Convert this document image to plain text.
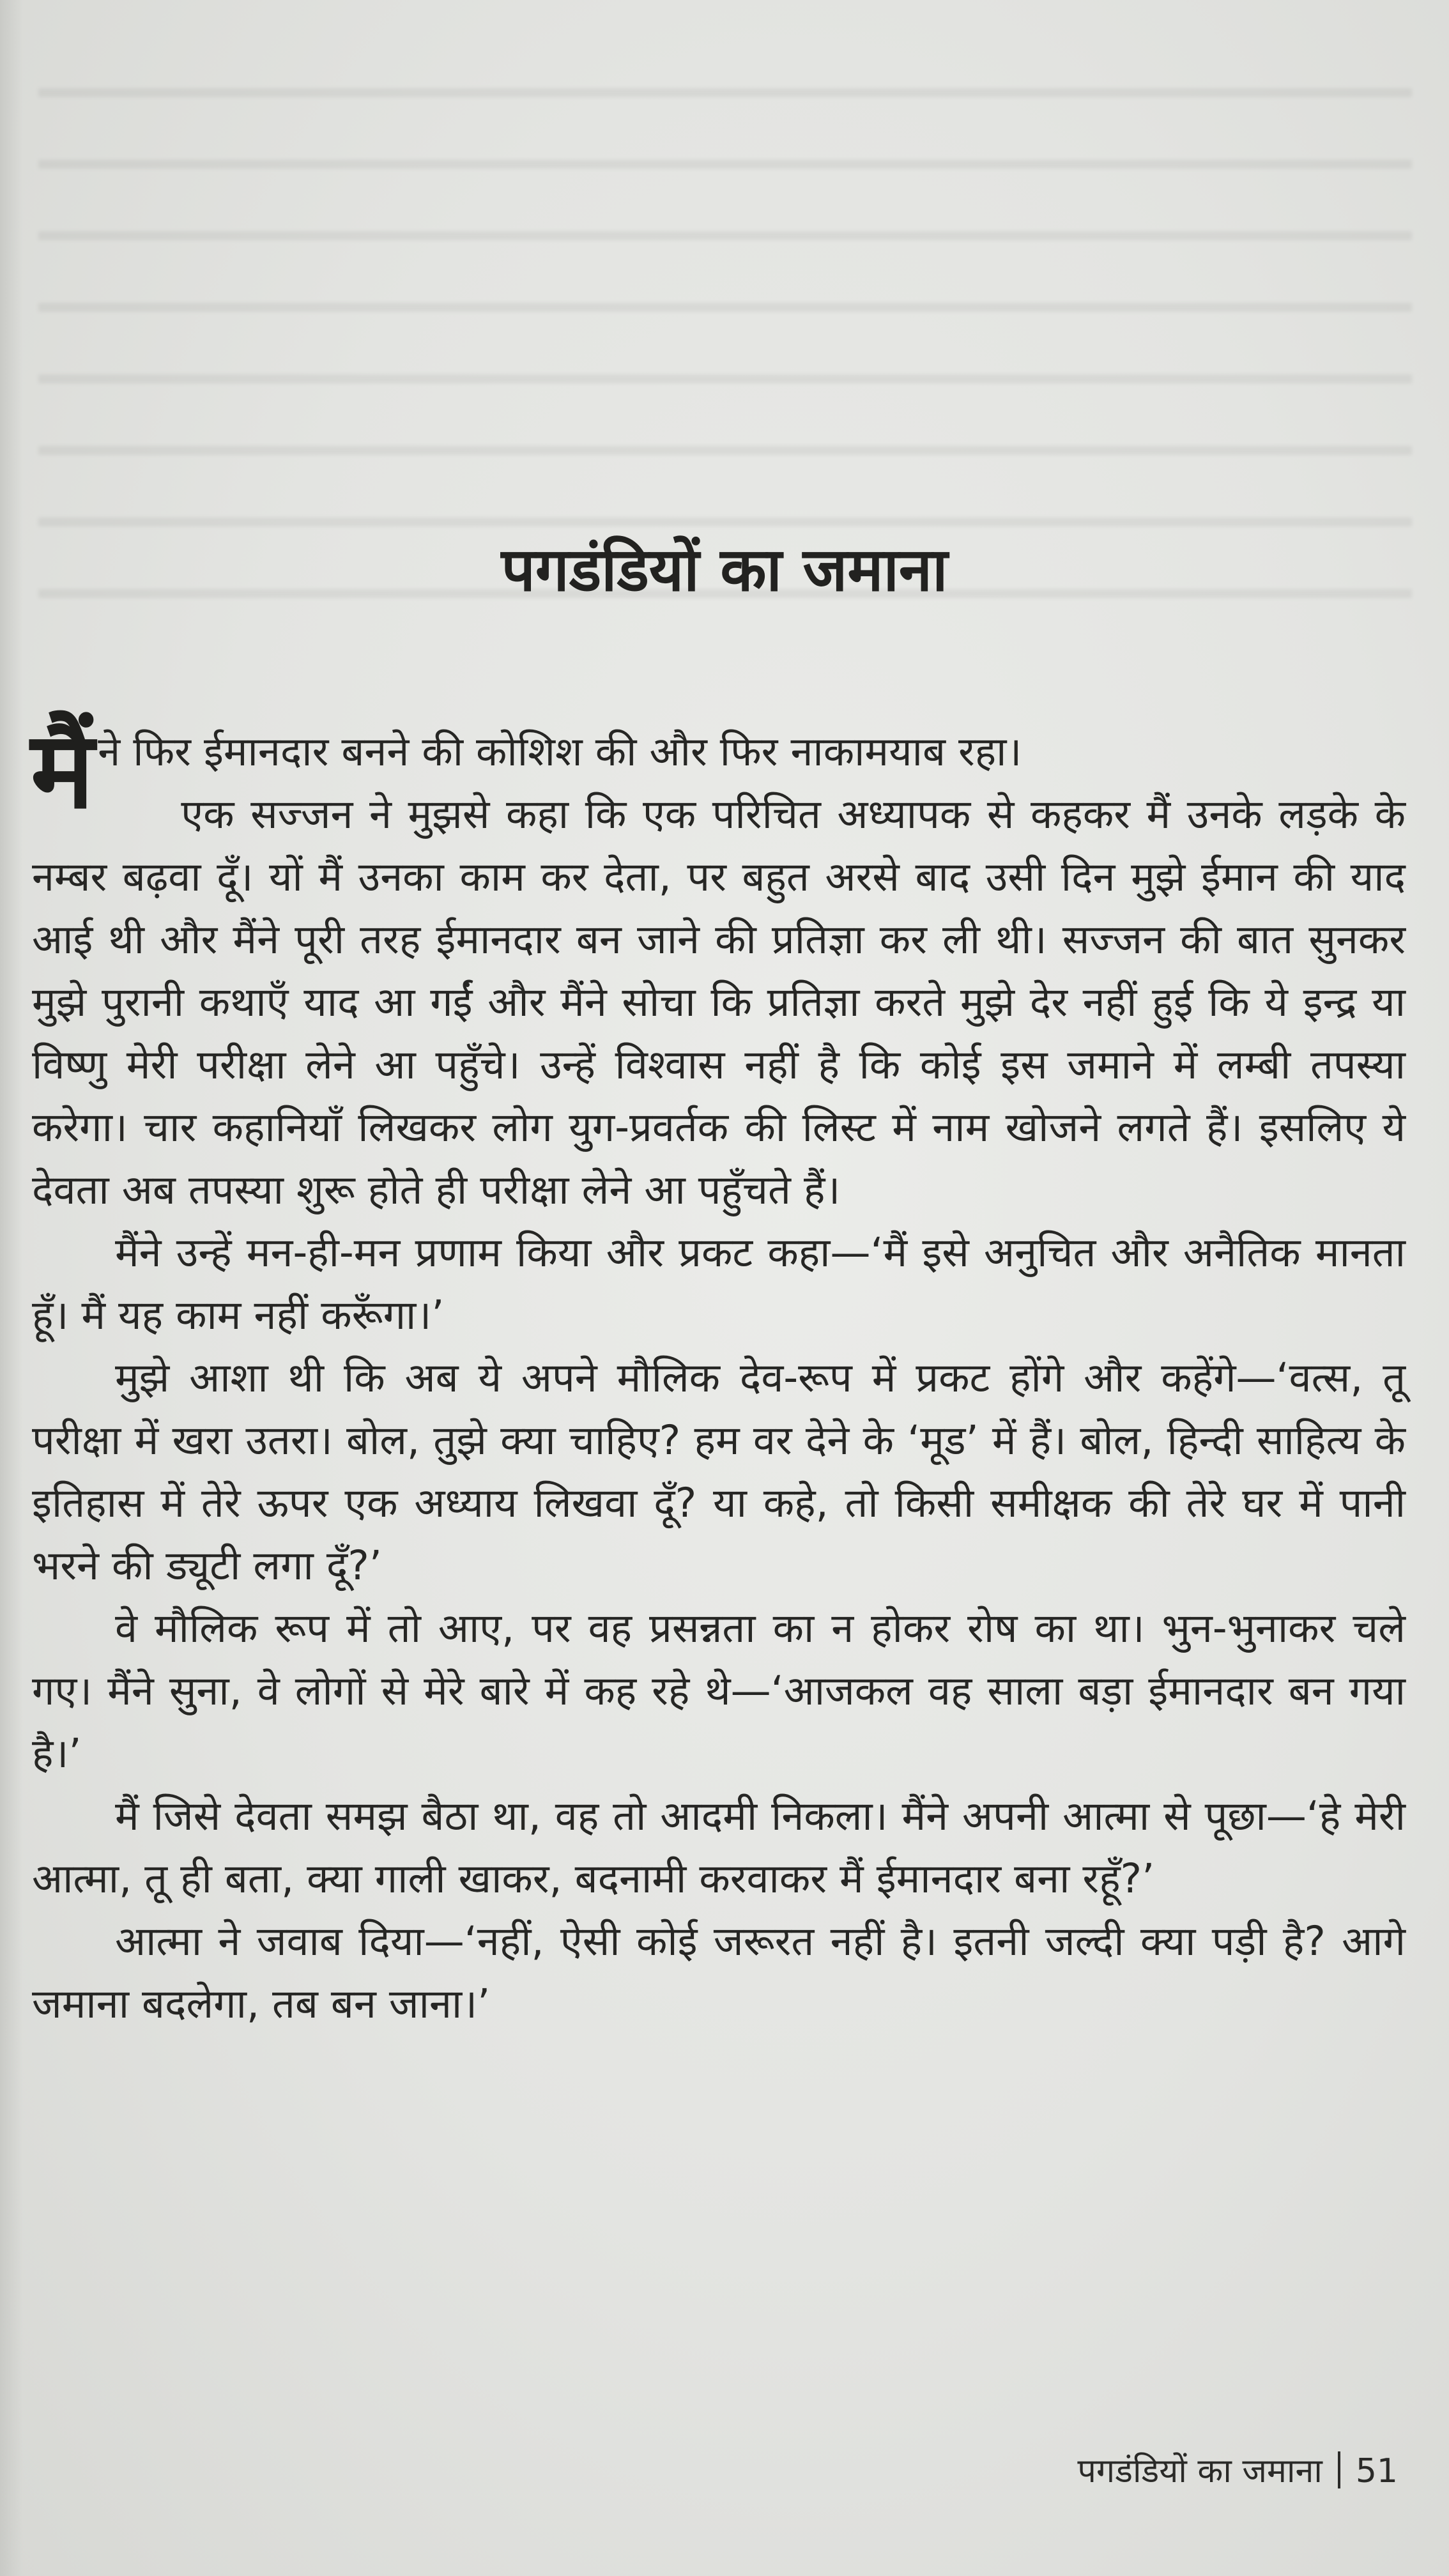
पगडंडियों का जमाना

मैंने फिर ईमानदार बनने की कोशिश की और फिर नाकामयाब रहा।

एक सज्जन ने मुझसे कहा कि एक परिचित अध्यापक से कहकर मैं उनके लड़के के नम्बर बढ़वा दूँ। यों मैं उनका काम कर देता, पर बहुत अरसे बाद उसी दिन मुझे ईमान की याद आई थी और मैंने पूरी तरह ईमानदार बन जाने की प्रतिज्ञा कर ली थी। सज्जन की बात सुनकर मुझे पुरानी कथाएँ याद आ गईं और मैंने सोचा कि प्रतिज्ञा करते मुझे देर नहीं हुई कि ये इन्द्र या विष्णु मेरी परीक्षा लेने आ पहुँचे। उन्हें विश्वास नहीं है कि कोई इस जमाने में लम्बी तपस्या करेगा। चार कहानियाँ लिखकर लोग युग-प्रवर्तक की लिस्ट में नाम खोजने लगते हैं। इसलिए ये देवता अब तपस्या शुरू होते ही परीक्षा लेने आ पहुँचते हैं।

मैंने उन्हें मन-ही-मन प्रणाम किया और प्रकट कहा—‘मैं इसे अनुचित और अनैतिक मानता हूँ। मैं यह काम नहीं करूँगा।’

मुझे आशा थी कि अब ये अपने मौलिक देव-रूप में प्रकट होंगे और कहेंगे—‘वत्स, तू परीक्षा में खरा उतरा। बोल, तुझे क्या चाहिए? हम वर देने के ‘मूड’ में हैं। बोल, हिन्दी साहित्य के इतिहास में तेरे ऊपर एक अध्याय लिखवा दूँ? या कहे, तो किसी समीक्षक की तेरे घर में पानी भरने की ड्यूटी लगा दूँ?’

वे मौलिक रूप में तो आए, पर वह प्रसन्नता का न होकर रोष का था। भुन-भुनाकर चले गए। मैंने सुना, वे लोगों से मेरे बारे में कह रहे थे—‘आजकल वह साला बड़ा ईमानदार बन गया है।’

मैं जिसे देवता समझ बैठा था, वह तो आदमी निकला। मैंने अपनी आत्मा से पूछा—‘हे मेरी आत्मा, तू ही बता, क्या गाली खाकर, बदनामी करवाकर मैं ईमानदार बना रहूँ?’

आत्मा ने जवाब दिया—‘नहीं, ऐसी कोई जरूरत नहीं है। इतनी जल्दी क्या पड़ी है? आगे जमाना बदलेगा, तब बन जाना।’

पगडंडियों का जमाना 51
